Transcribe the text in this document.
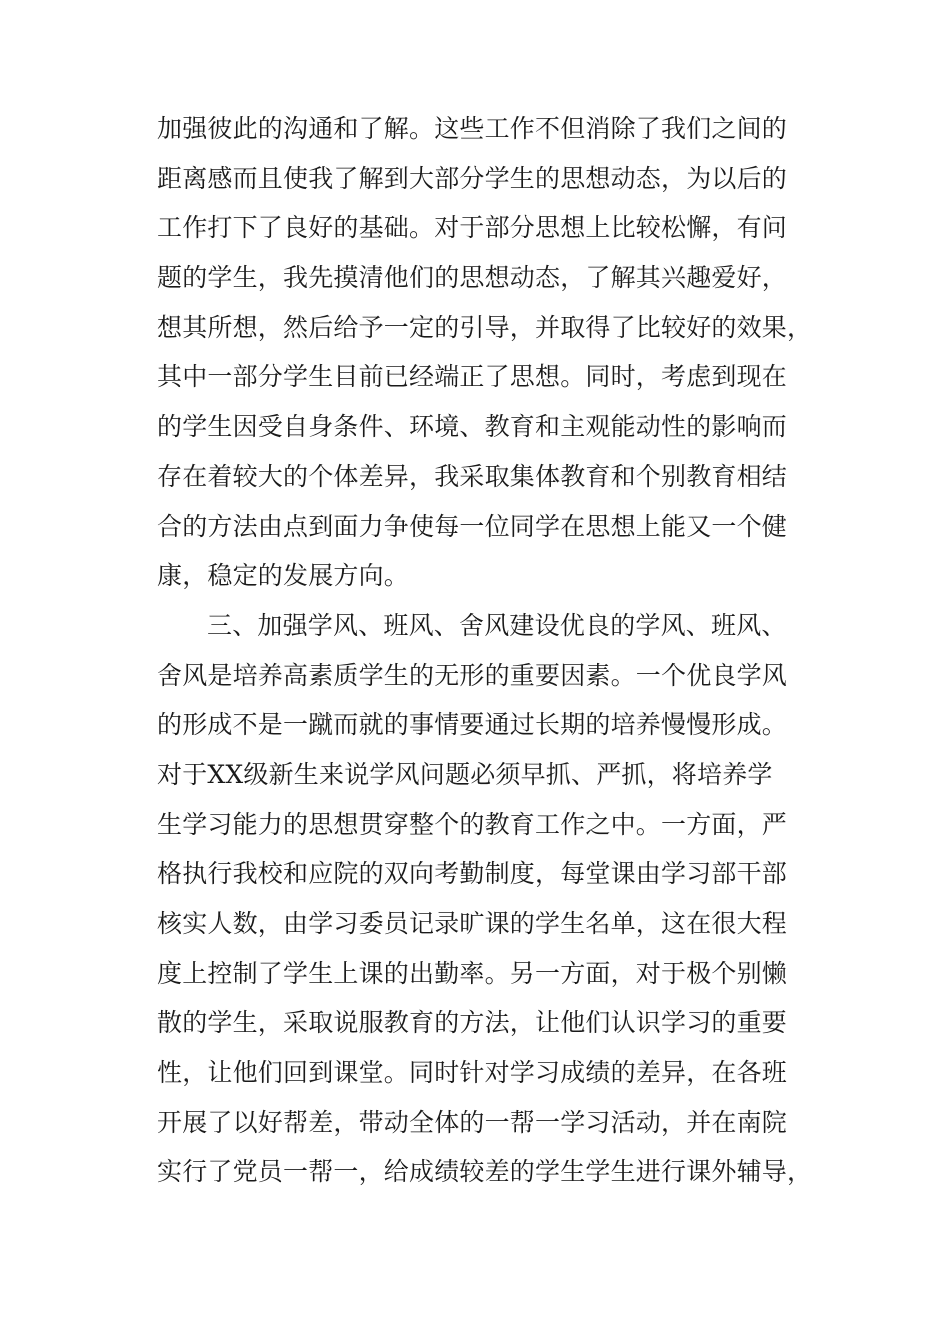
加强彼此的沟通和了解。这些工作不但消除了我们之间的
距离感而且使我了解到大部分学生的思想动态，为以后的
工作打下了良好的基础。对于部分思想上比较松懈，有问
题的学生，我先摸清他们的思想动态，了解其兴趣爱好，
想其所想，然后给予一定的引导，并取得了比较好的效果，
其中一部分学生目前已经端正了思想。同时，考虑到现在
的学生因受自身条件、环境、教育和主观能动性的影响而
存在着较大的个体差异，我采取集体教育和个别教育相结
合的方法由点到面力争使每一位同学在思想上能又一个健
康，稳定的发展方向。
三、加强学风、班风、舍风建设优良的学风、班风、
舍风是培养高素质学生的无形的重要因素。一个优良学风
的形成不是一蹴而就的事情要通过长期的培养慢慢形成。
对于XX级新生来说学风问题必须早抓、严抓，将培养学
生学习能力的思想贯穿整个的教育工作之中。一方面，严
格执行我校和应院的双向考勤制度，每堂课由学习部干部
核实人数，由学习委员记录旷课的学生名单，这在很大程
度上控制了学生上课的出勤率。另一方面，对于极个别懒
散的学生，采取说服教育的方法，让他们认识学习的重要
性，让他们回到课堂。同时针对学习成绩的差异，在各班
开展了以好帮差，带动全体的一帮一学习活动，并在南院
实行了党员一帮一，给成绩较差的学生学生进行课外辅导，
